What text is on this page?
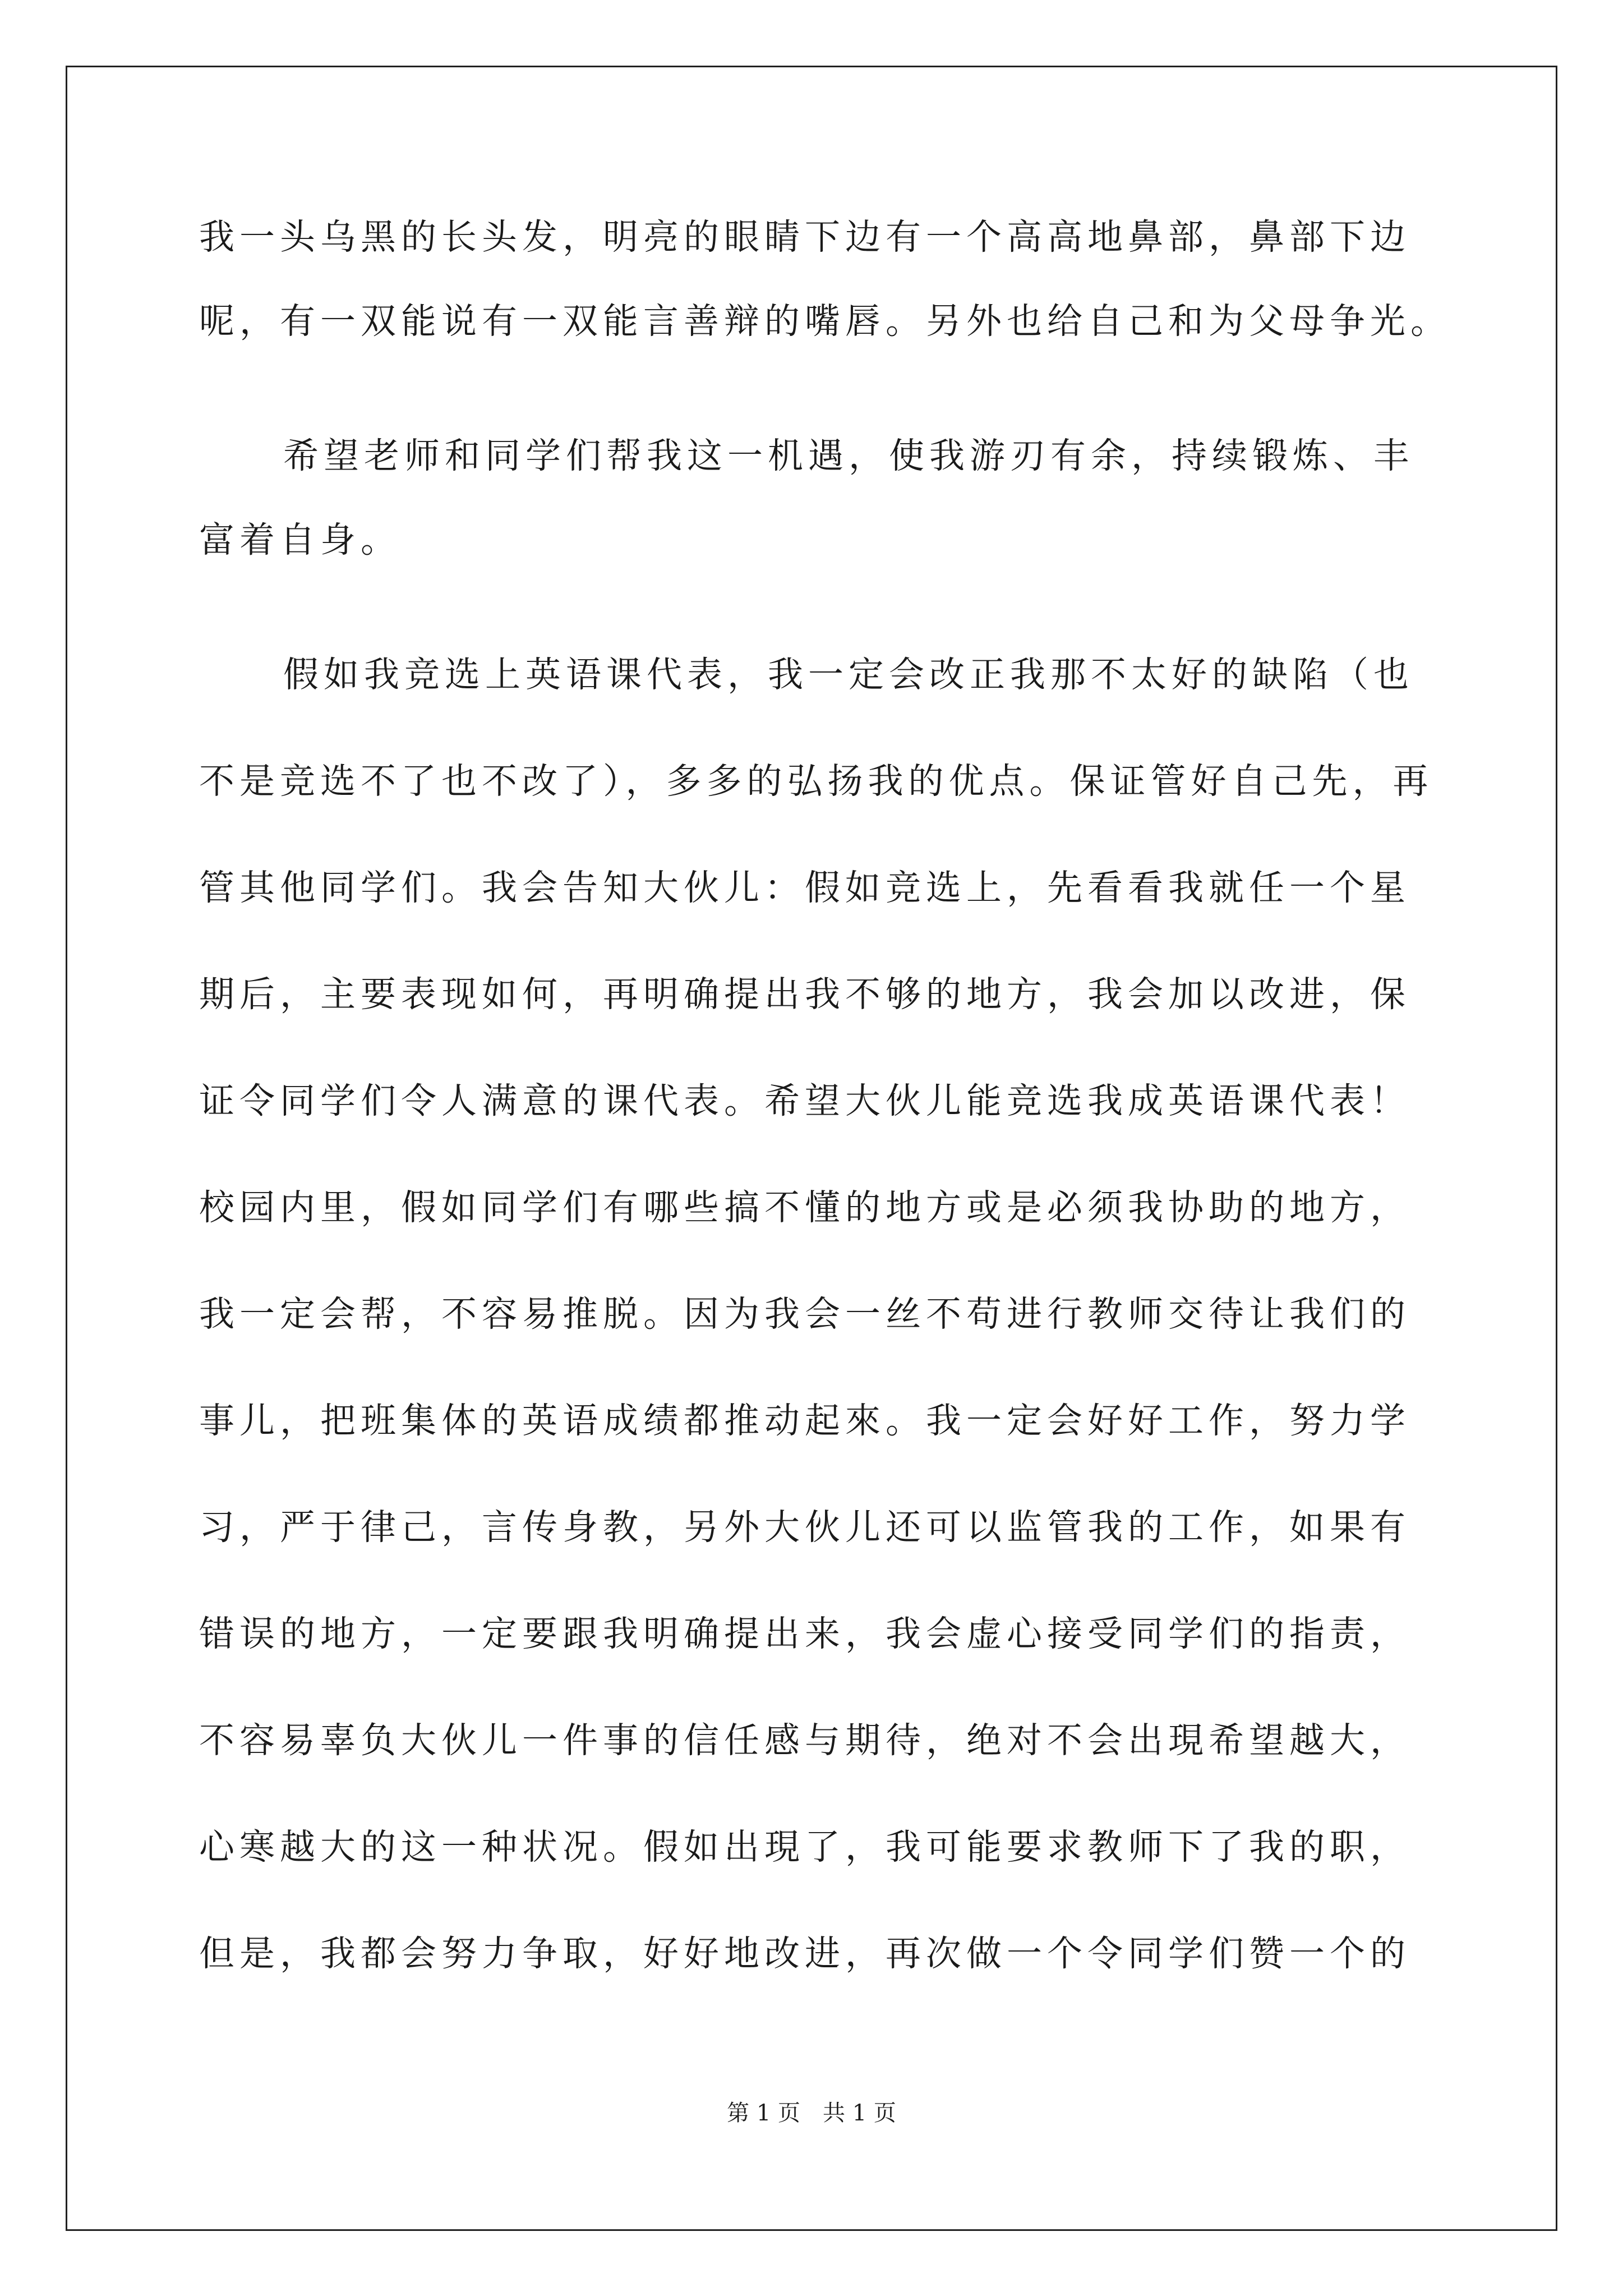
我一头乌黑的长头发，明亮的眼睛下边有一个高高地鼻部，鼻部下边
呢，有一双能说有一双能言善辩的嘴唇。另外也给自己和为父母争光。
希望老师和同学们帮我这一机遇，使我游刃有余，持续锻炼、丰
富着自身。
假如我竞选上英语课代表，我一定会改正我那不太好的缺陷（也
不是竞选不了也不改了），多多的弘扬我的优点。保证管好自己先，再
管其他同学们。我会告知大伙儿：假如竞选上，先看看我就任一个星
期后，主要表现如何，再明确提出我不够的地方，我会加以改进，保
证令同学们令人满意的课代表。希望大伙儿能竞选我成英语课代表！
校园内里，假如同学们有哪些搞不懂的地方或是必须我协助的地方，
我一定会帮，不容易推脱。因为我会一丝不苟进行教师交待让我们的
事儿，把班集体的英语成绩都推动起來。我一定会好好工作，努力学
习，严于律己，言传身教，另外大伙儿还可以监管我的工作，如果有
错误的地方，一定要跟我明确提出来，我会虚心接受同学们的指责，
不容易辜负大伙儿一件事的信任感与期待，绝对不会出現希望越大，
心寒越大的这一种状况。假如出現了，我可能要求教师下了我的职，
但是，我都会努力争取，好好地改进，再次做一个令同学们赞一个的
第 1 页 共 1 页
